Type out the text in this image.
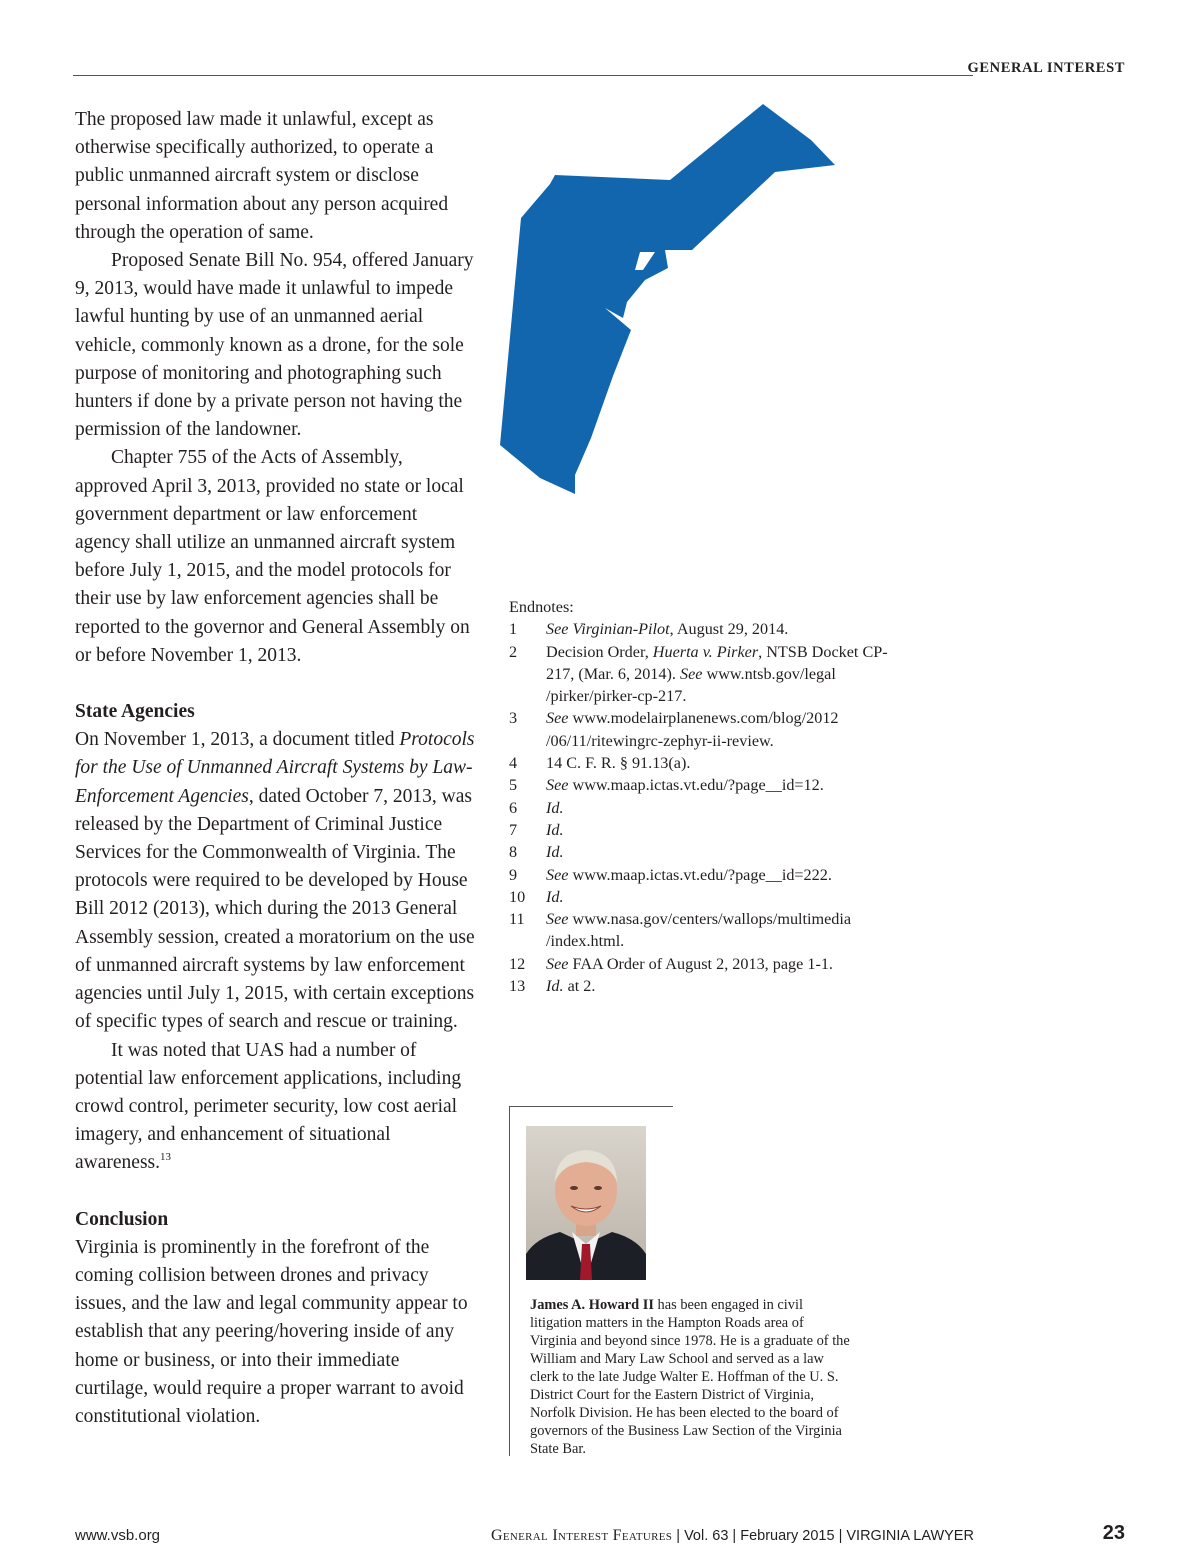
GENERAL INTEREST

The proposed law made it unlawful, except as otherwise specifically authorized, to operate a public unmanned aircraft system or disclose personal information about any person acquired through the operation of same.

Proposed Senate Bill No. 954, offered January 9, 2013, would have made it unlawful to impede lawful hunting by use of an unmanned aerial vehicle, commonly known as a drone, for the sole purpose of monitoring and photographing such hunters if done by a private person not having the permission of the landowner.

Chapter 755 of the Acts of Assembly, approved April 3, 2013, provided no state or local government department or law enforcement agency shall utilize an unmanned aircraft system before July 1, 2015, and the model protocols for their use by law enforcement agencies shall be reported to the governor and General Assembly on or before November 1, 2013.

State Agencies

On November 1, 2013, a document titled Protocols for the Use of Unmanned Aircraft Systems by Law-Enforcement Agencies, dated October 7, 2013, was released by the Department of Criminal Justice Services for the Commonwealth of Virginia. The protocols were required to be developed by House Bill 2012 (2013), which during the 2013 General Assembly session, created a moratorium on the use of unmanned aircraft systems by law enforcement agencies until July 1, 2015, with certain exceptions of specific types of search and rescue or training.

It was noted that UAS had a number of potential law enforcement applications, including crowd control, perimeter security, low cost aerial imagery, and enhancement of situational awareness.$^{13}$

Conclusion

Virginia is prominently in the forefront of the coming collision between drones and privacy issues, and the law and legal community appear to establish that any peering/hovering inside of any home or business, or into their immediate curtilage, would require a proper warrant to avoid constitutional violation.

Endnotes:

1	See Virginian-Pilot, August 29, 2014.
2	Decision Order, Huerta v. Pirker, NTSB Docket CP-217, (Mar. 6, 2014). See www.ntsb.gov/legal /pirker/pirker-cp-217.
3	See www.modelairplanenews.com/blog/2012 /06/11/ritewingrc-zephyr-ii-review.
4	14 C. F. R. § 91.13(a).
5	See www.maap.ictas.vt.edu/?page__id=12.
6	Id.
7	Id.
8	Id.
9	See www.maap.ictas.vt.edu/?page__id=222.
10	Id.
11	See www.nasa.gov/centers/wallops/multimedia /index.html.
12	See FAA Order of August 2, 2013, page 1-1.
13	Id. at 2.

James A. Howard II has been engaged in civil litigation matters in the Hampton Roads area of Virginia and beyond since 1978. He is a graduate of the William and Mary Law School and served as a law clerk to the late Judge Walter E. Hoffman of the U. S. District Court for the Eastern District of Virginia, Norfolk Division. He has been elected to the board of governors of the Business Law Section of the Virginia State Bar.

www.vsb.org	General Interest Features | Vol. 63 | February 2015 | VIRGINIA LAWYER	23
